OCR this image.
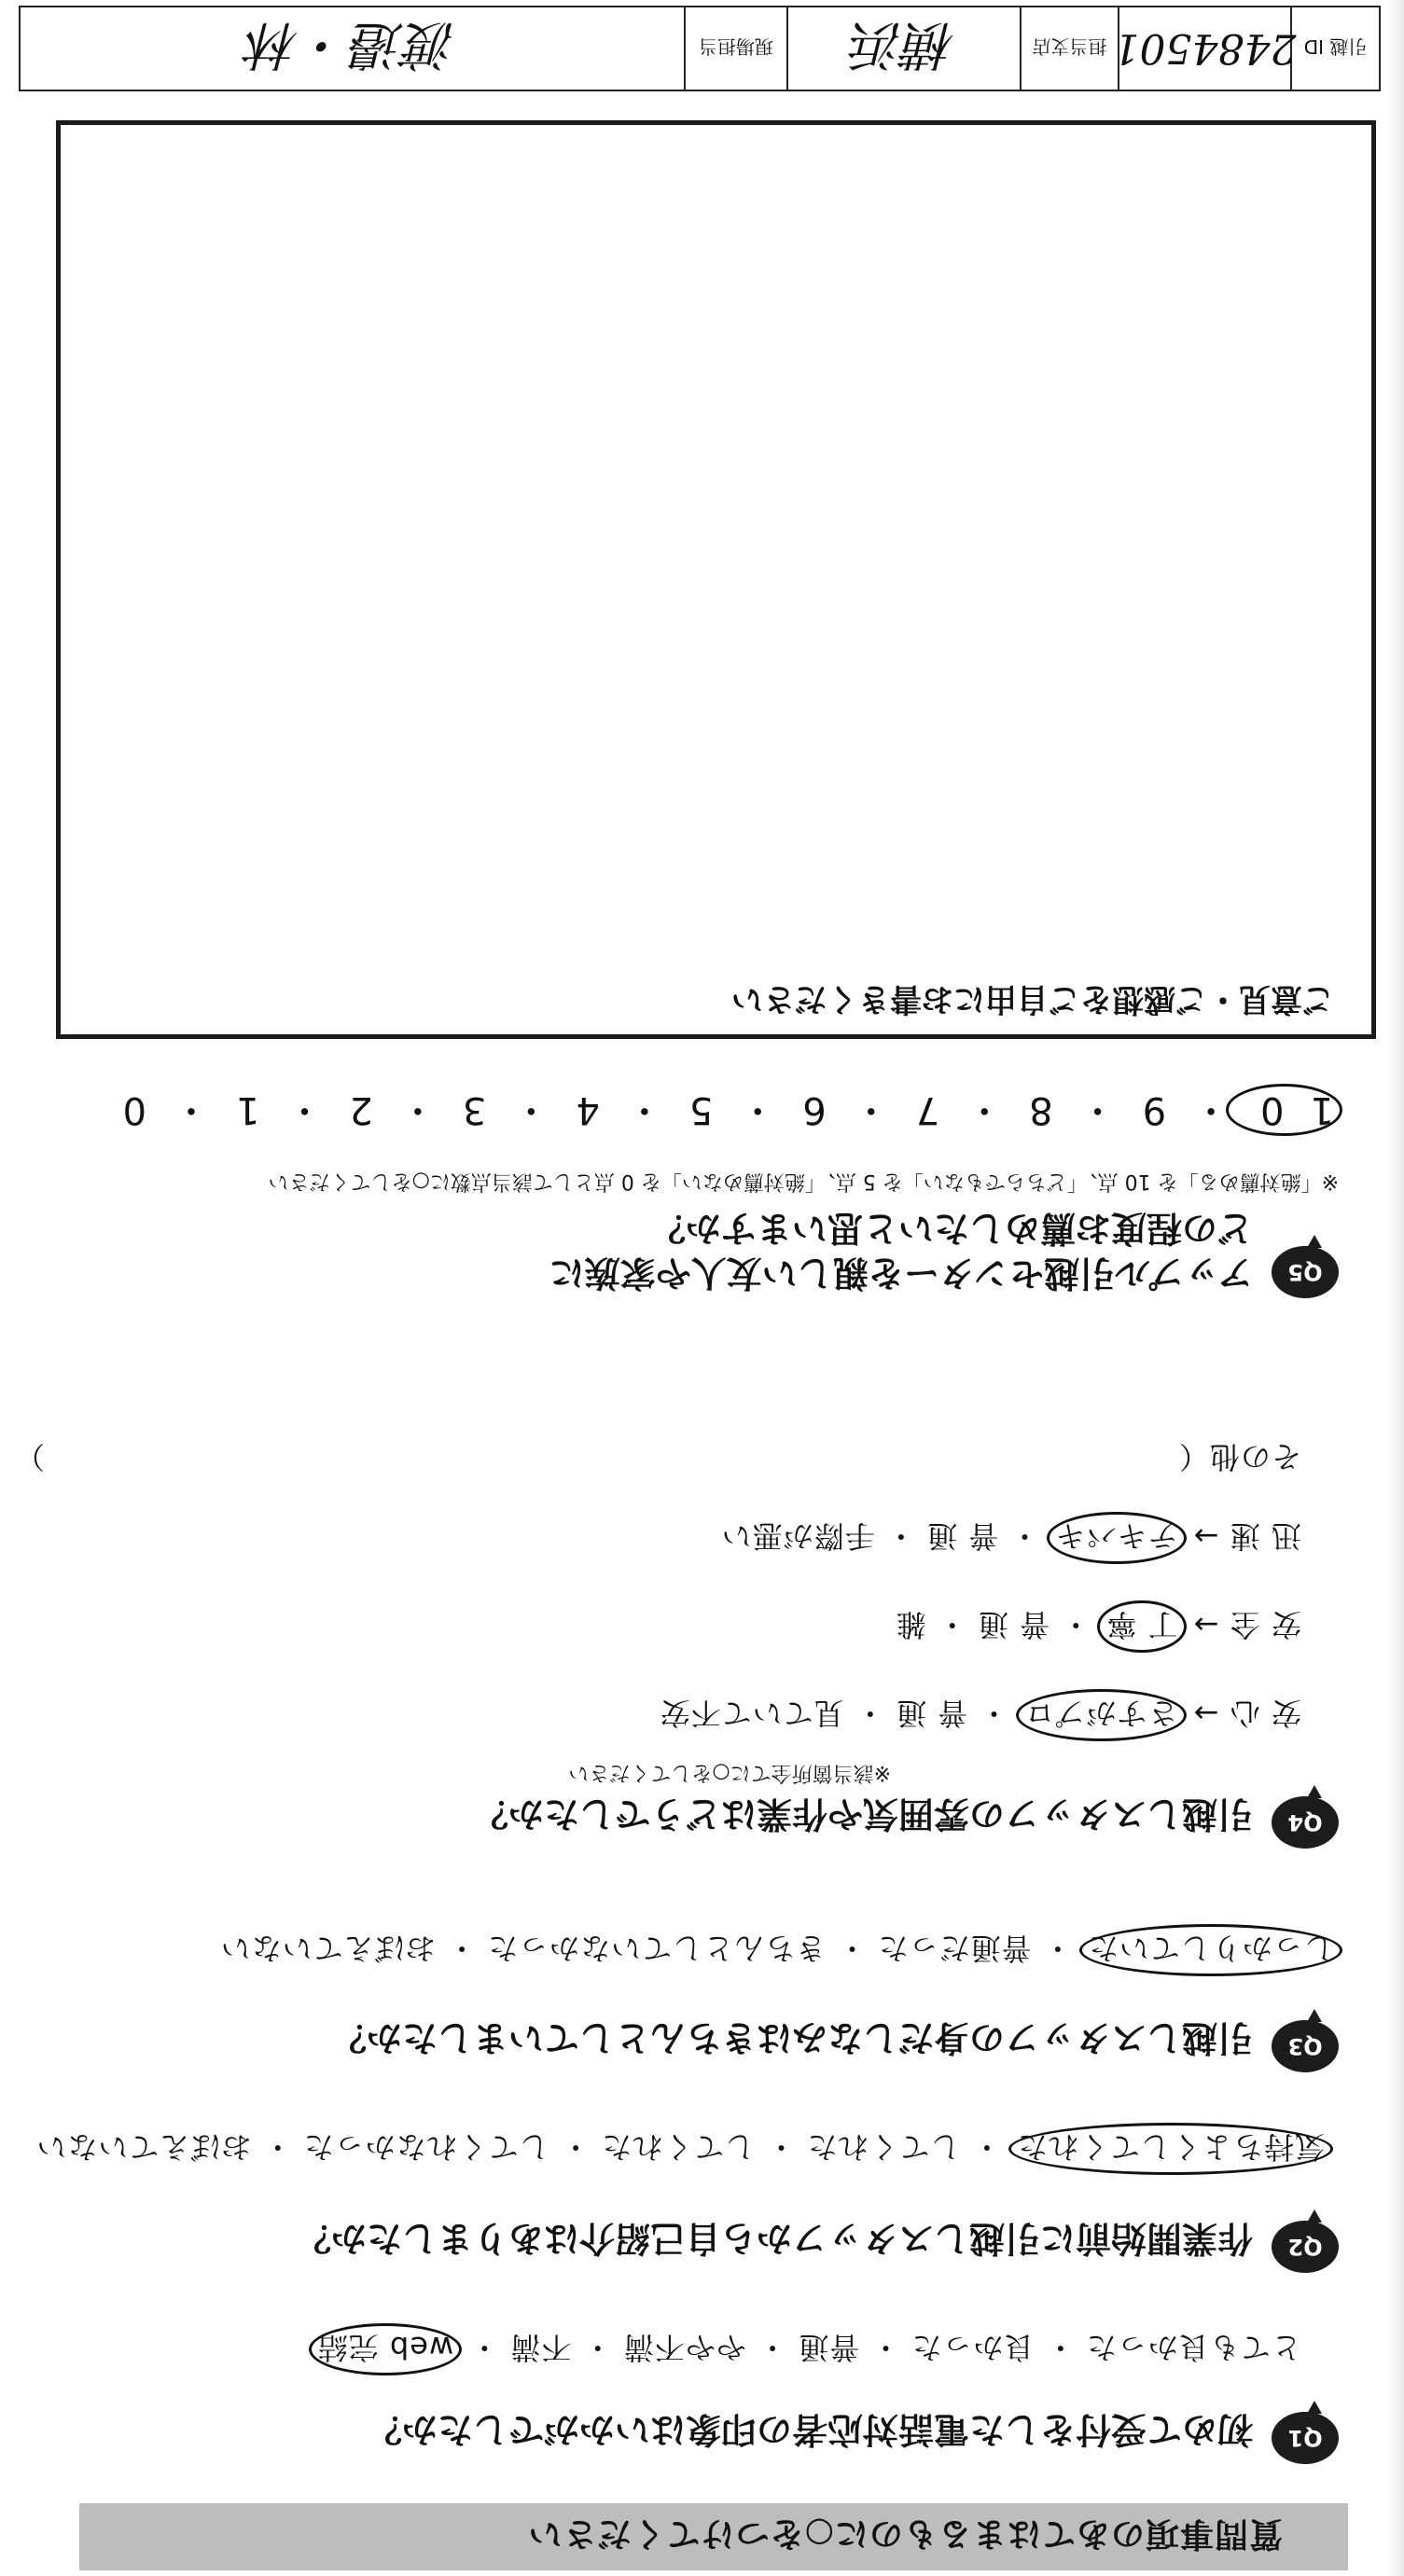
質問事項のあてはまるものに○をつけてください
Q1
初めて受付をした電話対応者の印象はいかがでしたか？
とても良かった ・ 良かった ・ 普通 ・ やや不満 ・ 不満 ・ web 完結
Q2
作業開始前に引越しスタッフから自己紹介はありましたか？
気持ちよくしてくれた ・ してくれた ・ してくれた ・ してくれなかった ・ おぼえていない
Q3
引越しスタッフの身だしなみはきちんとしていましたか？
しっかりしていた ・ 普通だった ・ きちんとしていなかった ・ おぼえていない
Q4
引越しスタッフの雰囲気や作業はどうでしたか？
※該当箇所全てに○をしてください
安 心 → さすがプロ ・ 普 通 ・ 見ていて不安
安 全 → 丁 寧 ・ 普 通 ・ 雑
迅 速 → テキパキ ・ 普 通 ・ 手際が悪い
その他（
）
Q5
アップル引越センターを親しい友人や家族に
どの程度お薦めしたいと思いますか？
※「絶対薦める」を 10 点、「どちらでもない」を 5 点、「絶対薦めない」を 0 点として該当点数に○をしてください
10・9・8・7・6・5・4・3・2・1・0
ご意見・ご感想をご自由にお書きください
引越 ID
2484501
担当支店
横浜
現場担当
渡邉・林
